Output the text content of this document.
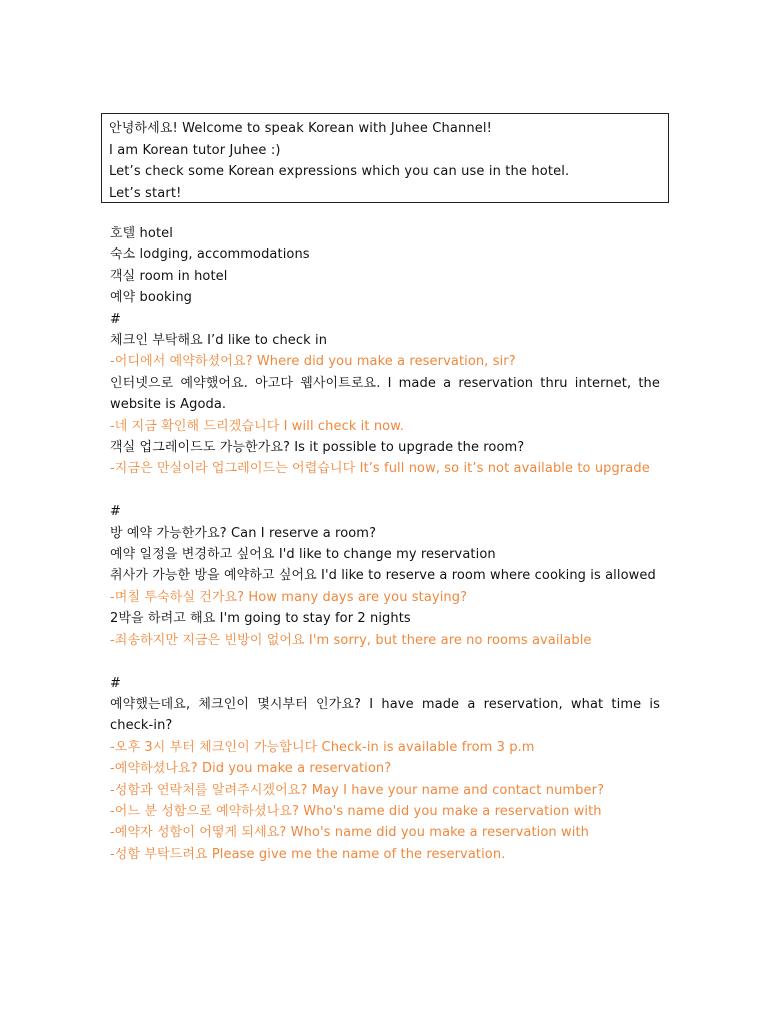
안녕하세요! Welcome to speak Korean with Juhee Channel!
I am Korean tutor Juhee :)
Let’s check some Korean expressions which you can use in the hotel.
Let’s start!
호텔 hotel
숙소 lodging, accommodations
객실 room in hotel
예약 booking
#
체크인 부탁해요 I’d like to check in
-어디에서 예약하셨어요? Where did you make a reservation, sir?
인터넷으로 예약했어요. 아고다 웹사이트로요. I made a reservation thru internet, the website is Agoda.
-네 지금 확인해 드리겠습니다 I will check it now.
객실 업그레이드도 가능한가요? Is it possible to upgrade the room?
-지금은 만실이라 업그레이드는 어렵습니다 It’s full now, so it’s not available to upgrade
#
방 예약 가능한가요? Can I reserve a room?
예약 일정을 변경하고 싶어요 I'd like to change my reservation
취사가 가능한 방을 예약하고 싶어요 I'd like to reserve a room where cooking is allowed
-며칠 투숙하실 건가요? How many days are you staying?
2박을 하려고 해요 I'm going to stay for 2 nights
-죄송하지만 지금은 빈방이 없어요 I'm sorry, but there are no rooms available
#
예약했는데요, 체크인이 몇시부터 인가요? I have made a reservation, what time is check-in?
-오후 3시 부터 체크인이 가능합니다 Check-in is available from 3 p.m
-예약하셨나요? Did you make a reservation?
-성함과 연락처를 알려주시겠어요? May I have your name and contact number?
-어느 분 성함으로 예약하셨나요? Who's name did you make a reservation with
-예약자 성함이 어떻게 되세요? Who's name did you make a reservation with
-성함 부탁드려요 Please give me the name of the reservation.
